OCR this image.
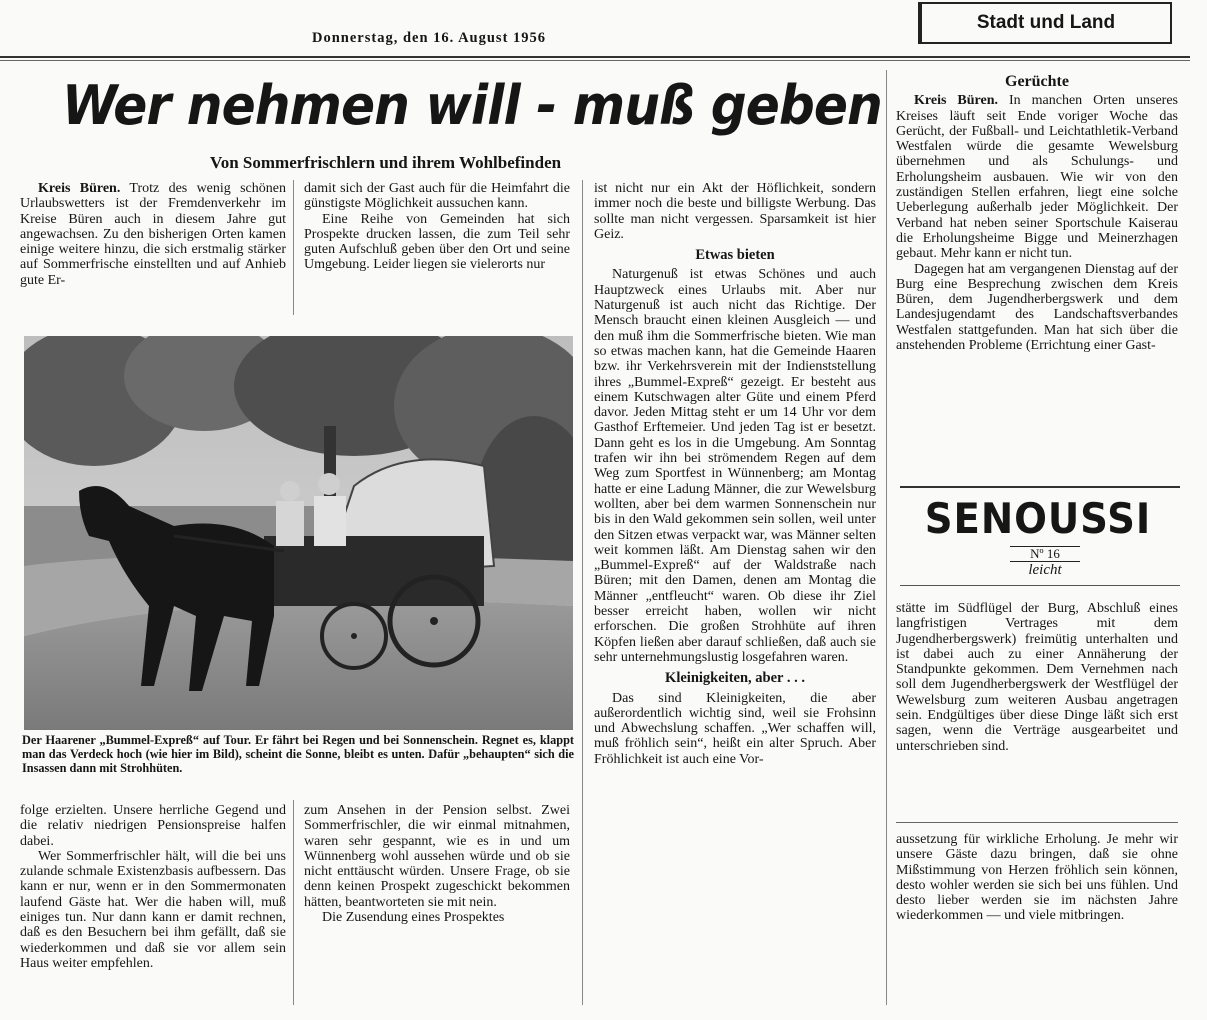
Donnerstag, den 16. August 1956
Stadt und Land
Wer nehmen will - muß geben
Von Sommerfrischlern und ihrem Wohlbefinden

Kreis Büren. Trotz des wenig schönen Urlaubswetters ist der Fremdenverkehr im Kreise Büren auch in diesem Jahre gut angewachsen. Zu den bisherigen Orten kamen einige weitere hinzu, die sich erstmalig stärker auf Sommerfrische einstellten und auf Anhieb gute Er-

damit sich der Gast auch für die Heimfahrt die günstigste Möglichkeit aussuchen kann.

Eine Reihe von Gemeinden hat sich Prospekte drucken lassen, die zum Teil sehr guten Aufschluß geben über den Ort und seine Umgebung. Leider liegen sie vielerorts nur

Der Haarener „Bummel-Expreß“ auf Tour. Er fährt bei Regen und bei Sonnenschein. Regnet es, klappt man das Verdeck hoch (wie hier im Bild), scheint die Sonne, bleibt es unten. Dafür „behaupten“ sich die Insassen dann mit Strohhüten.

folge erzielten. Unsere herrliche Gegend und die relativ niedrigen Pensionspreise halfen dabei.

Wer Sommerfrischler hält, will die bei uns zulande schmale Existenzbasis aufbessern. Das kann er nur, wenn er in den Sommermonaten laufend Gäste hat. Wer die haben will, muß einiges tun. Nur dann kann er damit rechnen, daß es den Besuchern bei ihm gefällt, daß sie wiederkommen und daß sie vor allem sein Haus weiter empfehlen.

zum Ansehen in der Pension selbst. Zwei Sommerfrischler, die wir einmal mitnahmen, waren sehr gespannt, wie es in und um Wünnenberg wohl aussehen würde und ob sie nicht enttäuscht würden. Unsere Frage, ob sie denn keinen Prospekt zugeschickt bekommen hätten, beantworteten sie mit nein.

Die Zusendung eines Prospektes

ist nicht nur ein Akt der Höflichkeit, sondern immer noch die beste und billigste Werbung. Das sollte man nicht vergessen. Sparsamkeit ist hier Geiz.

Etwas bieten

Naturgenuß ist etwas Schönes und auch Hauptzweck eines Urlaubs mit. Aber nur Naturgenuß ist auch nicht das Richtige. Der Mensch braucht einen kleinen Ausgleich — und den muß ihm die Sommerfrische bieten. Wie man so etwas machen kann, hat die Gemeinde Haaren bzw. ihr Verkehrsverein mit der Indienststellung ihres „Bummel-Expreß“ gezeigt. Er besteht aus einem Kutschwagen alter Güte und einem Pferd davor. Jeden Mittag steht er um 14 Uhr vor dem Gasthof Erftemeier. Und jeden Tag ist er besetzt. Dann geht es los in die Umgebung. Am Sonntag trafen wir ihn bei strömendem Regen auf dem Weg zum Sportfest in Wünnenberg; am Montag hatte er eine Ladung Männer, die zur Wewelsburg wollten, aber bei dem warmen Sonnenschein nur bis in den Wald gekommen sein sollen, weil unter den Sitzen etwas verpackt war, was Männer selten weit kommen läßt. Am Dienstag sahen wir den „Bummel-Expreß“ auf der Waldstraße nach Büren; mit den Damen, denen am Montag die Männer „entfleucht“ waren. Ob diese ihr Ziel besser erreicht haben, wollen wir nicht erforschen. Die großen Strohhüte auf ihren Köpfen ließen aber darauf schließen, daß auch sie sehr unternehmungslustig losgefahren waren.

Kleinigkeiten, aber . . .

Das sind Kleinigkeiten, die aber außerordentlich wichtig sind, weil sie Frohsinn und Abwechslung schaffen. „Wer schaffen will, muß fröhlich sein“, heißt ein alter Spruch. Aber Fröhlichkeit ist auch eine Vor-

Gerüchte

Kreis Büren. In manchen Orten unseres Kreises läuft seit Ende voriger Woche das Gerücht, der Fußball- und Leichtathletik-Verband Westfalen würde die gesamte Wewelsburg übernehmen und als Schulungs- und Erholungsheim ausbauen. Wie wir von den zuständigen Stellen erfahren, liegt eine solche Ueberlegung außerhalb jeder Möglichkeit. Der Verband hat neben seiner Sportschule Kaiserau die Erholungsheime Bigge und Meinerzhagen gebaut. Mehr kann er nicht tun.

Dagegen hat am vergangenen Dienstag auf der Burg eine Besprechung zwischen dem Kreis Büren, dem Jugendherbergswerk und dem Landesjugendamt des Landschaftsverbandes Westfalen stattgefunden. Man hat sich über die anstehenden Probleme (Errichtung einer Gast-

SENOUSSI
Nº 16
leicht

stätte im Südflügel der Burg, Abschluß eines langfristigen Vertrages mit dem Jugendherbergswerk) freimütig unterhalten und ist dabei auch zu einer Annäherung der Standpunkte gekommen. Dem Vernehmen nach soll dem Jugendherbergswerk der Westflügel der Wewelsburg zum weiteren Ausbau angetragen sein. Endgültiges über diese Dinge läßt sich erst sagen, wenn die Verträge ausgearbeitet und unterschrieben sind.

aussetzung für wirkliche Erholung. Je mehr wir unsere Gäste dazu bringen, daß sie ohne Mißstimmung von Herzen fröhlich sein können, desto wohler werden sie sich bei uns fühlen. Und desto lieber werden sie im nächsten Jahre wiederkommen — und viele mitbringen.
